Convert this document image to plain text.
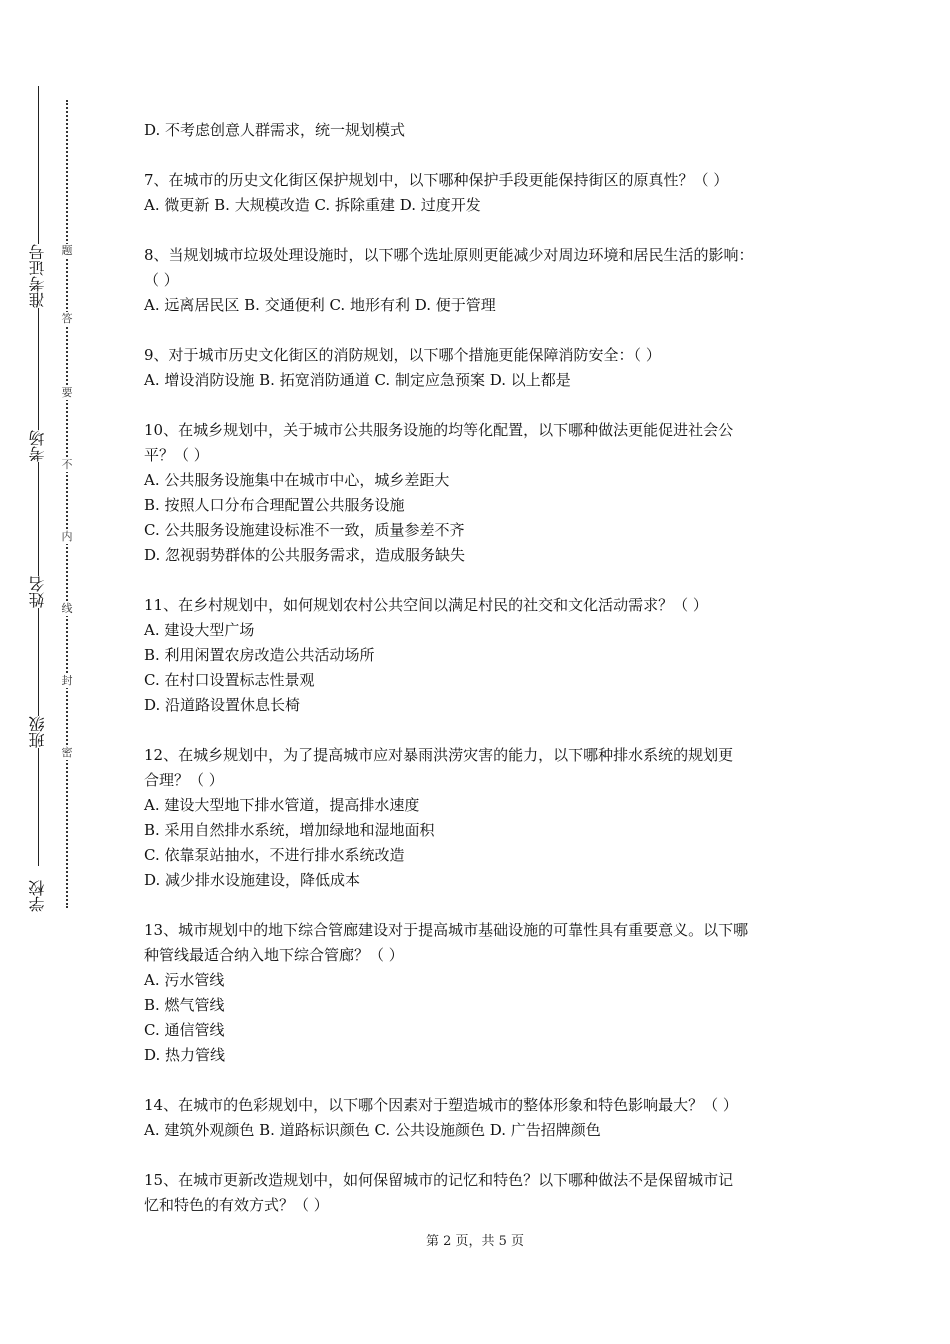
准考证号
考场
姓名
班级
学校
题
答
要
不
内
线
封
密
D. 不考虑创意人群需求，统一规划模式
7、在城市的历史文化街区保护规划中，以下哪种保护手段更能保持街区的原真性？（ ）
A. 微更新 B. 大规模改造 C. 拆除重建 D. 过度开发
8、当规划城市垃圾处理设施时，以下哪个选址原则更能减少对周边环境和居民生活的影响：
（ ）
A. 远离居民区 B. 交通便利 C. 地形有利 D. 便于管理
9、对于城市历史文化街区的消防规划，以下哪个措施更能保障消防安全：（ ）
A. 增设消防设施 B. 拓宽消防通道 C. 制定应急预案 D. 以上都是
10、在城乡规划中，关于城市公共服务设施的均等化配置，以下哪种做法更能促进社会公
平？（ ）
A. 公共服务设施集中在城市中心，城乡差距大
B. 按照人口分布合理配置公共服务设施
C. 公共服务设施建设标准不一致，质量参差不齐
D. 忽视弱势群体的公共服务需求，造成服务缺失
11、在乡村规划中，如何规划农村公共空间以满足村民的社交和文化活动需求？（ ）
A. 建设大型广场
B. 利用闲置农房改造公共活动场所
C. 在村口设置标志性景观
D. 沿道路设置休息长椅
12、在城乡规划中，为了提高城市应对暴雨洪涝灾害的能力，以下哪种排水系统的规划更
合理？（ ）
A. 建设大型地下排水管道，提高排水速度
B. 采用自然排水系统，增加绿地和湿地面积
C. 依靠泵站抽水，不进行排水系统改造
D. 减少排水设施建设，降低成本
13、城市规划中的地下综合管廊建设对于提高城市基础设施的可靠性具有重要意义。以下哪
种管线最适合纳入地下综合管廊？（ ）
A. 污水管线
B. 燃气管线
C. 通信管线
D. 热力管线
14、在城市的色彩规划中，以下哪个因素对于塑造城市的整体形象和特色影响最大？（ ）
A. 建筑外观颜色 B. 道路标识颜色 C. 公共设施颜色 D. 广告招牌颜色
15、在城市更新改造规划中，如何保留城市的记忆和特色？以下哪种做法不是保留城市记
忆和特色的有效方式？（ ）
第 2 页，共 5 页
